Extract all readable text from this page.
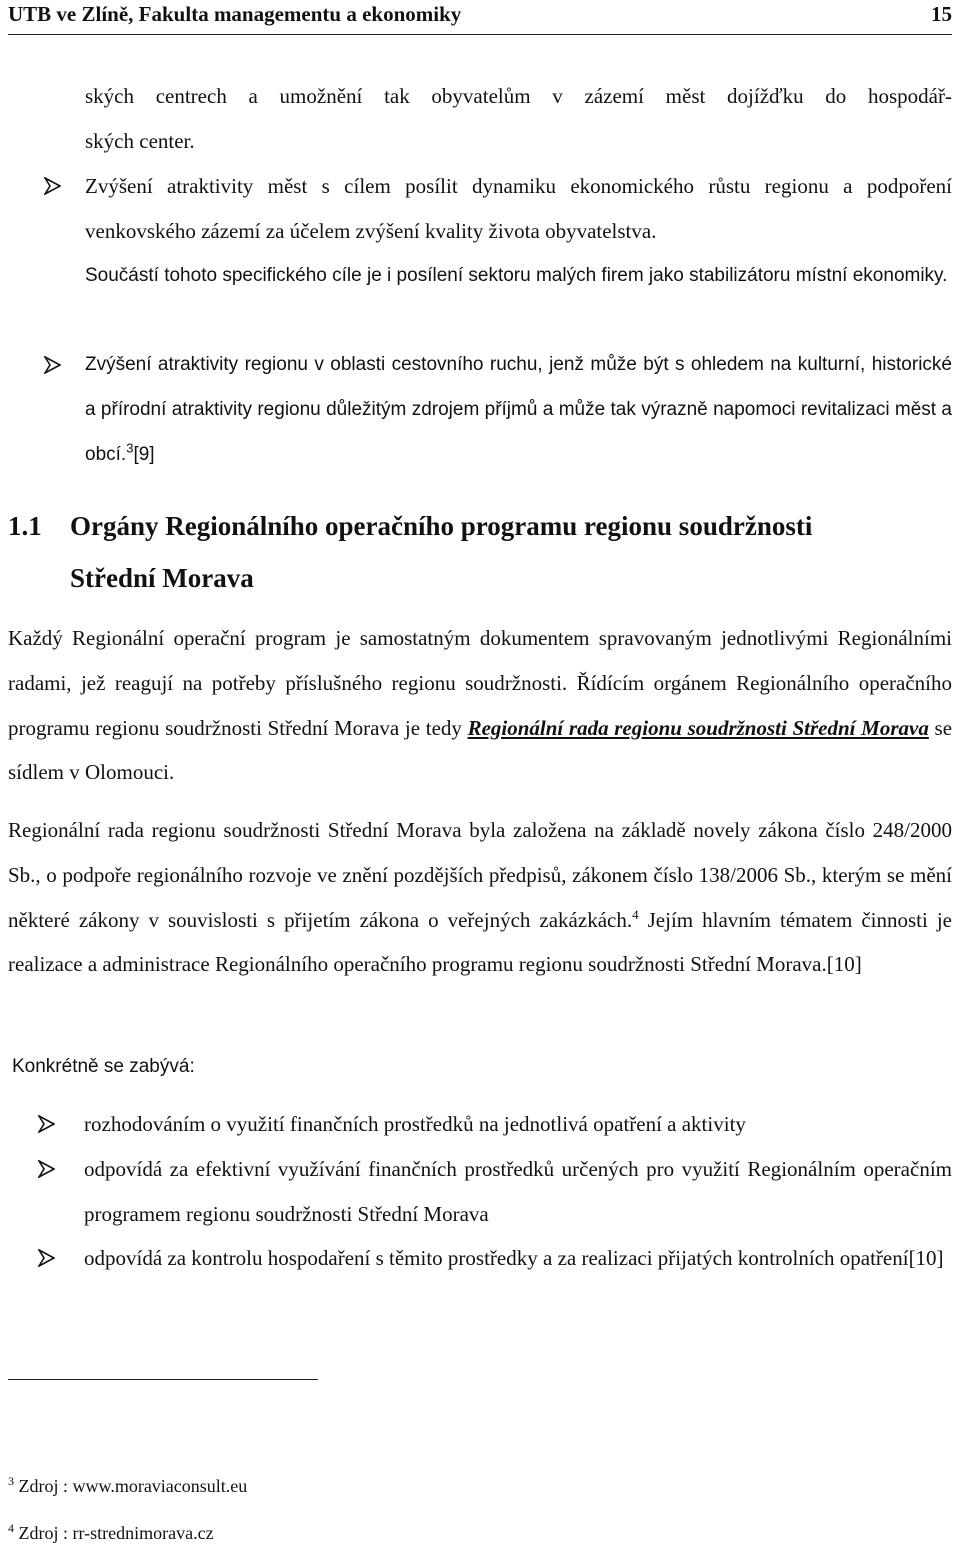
UTB ve Zlíně, Fakulta managementu a ekonomiky	15
ských centrech a umožnění tak obyvatelům v zázemí měst dojížďku do hospodář-
ských center.
Zvýšení atraktivity měst s cílem posílit dynamiku ekonomického růstu regionu a podpoření venkovského zázemí za účelem zvýšení kvality života obyvatelstva.
Součástí tohoto specifického cíle je i posílení sektoru malých firem jako stabilizátoru místní ekonomiky.
Zvýšení atraktivity regionu v oblasti cestovního ruchu, jenž může být s ohledem na kulturní, historické a přírodní atraktivity regionu důležitým zdrojem příjmů a může tak výrazně napomoci revitalizaci měst a obcí.$^3$[9]
1.1 Orgány Regionálního operačního programu regionu soudržnosti
Střední Morava
Každý Regionální operační program je samostatným dokumentem spravovaným jednotlivými Regionálními radami, jež reagují na potřeby příslušného regionu soudržnosti. Řídícím orgánem Regionálního operačního programu regionu soudržnosti Střední Morava je tedy Regionální rada regionu soudržnosti Střední Morava se sídlem v Olomouci.
Regionální rada regionu soudržnosti Střední Morava byla založena na základě novely zákona číslo 248/2000 Sb., o podpoře regionálního rozvoje ve znění pozdějších předpisů, zákonem číslo 138/2006 Sb., kterým se mění některé zákony v souvislosti s přijetím zákona o veřejných zakázkách.$^4$ Jejím hlavním tématem činnosti je realizace a administrace Regionálního operačního programu regionu soudržnosti Střední Morava.[10]
Konkrétně se zabývá:
rozhodováním o využití finančních prostředků na jednotlivá opatření a aktivity
odpovídá za efektivní využívání finančních prostředků určených pro využití Regionálním operačním programem regionu soudržnosti Střední Morava
odpovídá za kontrolu hospodaření s těmito prostředky a za realizaci přijatých kontrolních opatření[10]
$^3$ Zdroj : www.moraviaconsult.eu
$^4$ Zdroj : rr-strednimorava.cz
